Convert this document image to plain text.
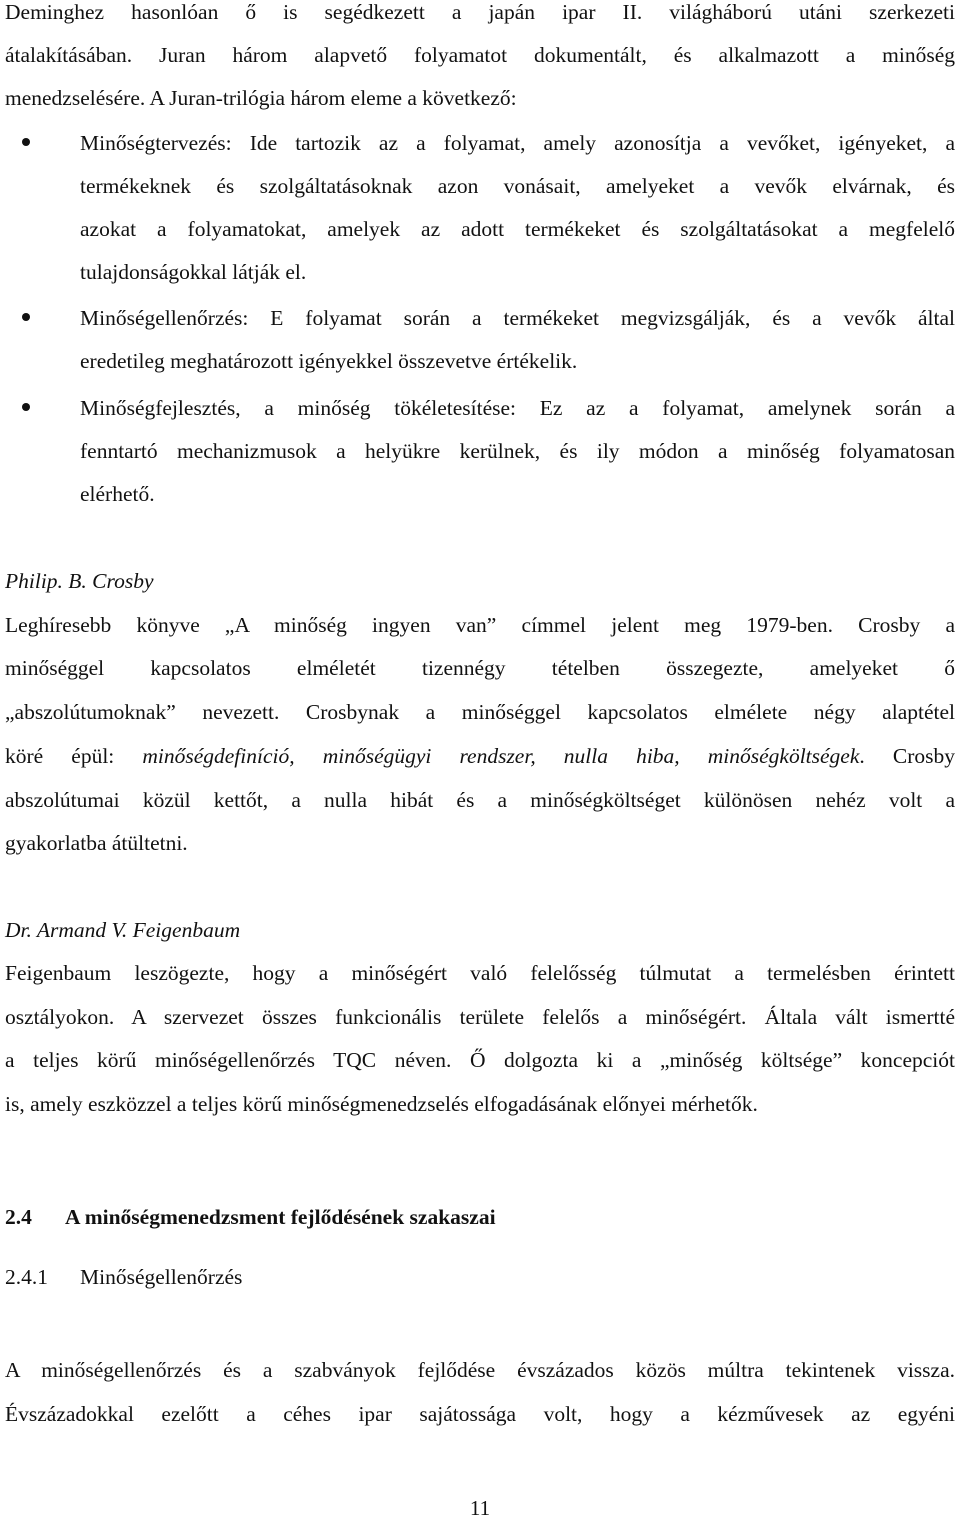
Deminghez hasonlóan ő is segédkezett a japán ipar II. világháború utáni szerkezeti
átalakításában. Juran három alapvető folyamatot dokumentált, és alkalmazott a minőség
menedzselésére. A Juran-trilógia három eleme a következő:
Minőségtervezés: Ide tartozik az a folyamat, amely azonosítja a vevőket, igényeket, a
termékeknek és szolgáltatásoknak azon vonásait, amelyeket a vevők elvárnak, és
azokat a folyamatokat, amelyek az adott termékeket és szolgáltatásokat a megfelelő
tulajdonságokkal látják el.
Minőségellenőrzés: E folyamat során a termékeket megvizsgálják, és a vevők által
eredetileg meghatározott igényekkel összevetve értékelik.
Minőségfejlesztés, a minőség tökéletesítése: Ez az a folyamat, amelynek során a
fenntartó mechanizmusok a helyükre kerülnek, és ily módon a minőség folyamatosan
elérhető.
Philip. B. Crosby
Leghíresebb könyve „A minőség ingyen van” címmel jelent meg 1979-ben. Crosby a
minőséggel kapcsolatos elméletét tizennégy tételben összegezte, amelyeket ő
„abszolútumoknak” nevezett. Crosbynak a minőséggel kapcsolatos elmélete négy alaptétel
köré épül: minőségdefiníció, minőségügyi rendszer, nulla hiba, minőségköltségek. Crosby
abszolútumai közül kettőt, a nulla hibát és a minőségköltséget különösen nehéz volt a
gyakorlatba átültetni.
Dr. Armand V. Feigenbaum
Feigenbaum leszögezte, hogy a minőségért való felelősség túlmutat a termelésben érintett
osztályokon. A szervezet összes funkcionális területe felelős a minőségért. Általa vált ismertté
a teljes körű minőségellenőrzés TQC néven. Ő dolgozta ki a „minőség költsége” koncepciót
is, amely eszközzel a teljes körű minőségmenedzselés elfogadásának előnyei mérhetők.
2.4 A minőségmenedzsment fejlődésének szakaszai
2.4.1 Minőségellenőrzés
A minőségellenőrzés és a szabványok fejlődése évszázados közös múltra tekintenek vissza.
Évszázadokkal ezelőtt a céhes ipar sajátossága volt, hogy a kézművesek az egyéni
11
